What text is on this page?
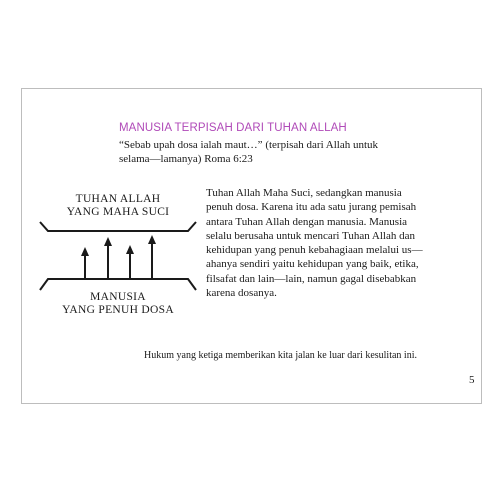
MANUSIA TERPISAH DARI TUHAN ALLAH
“Sebab upah dosa ialah maut…” (terpisah dari Allah untuk
selama—lamanya) Roma 6:23
TUHAN ALLAH
YANG MAHA SUCI
MANUSIA
YANG PENUH DOSA
Tuhan Allah Maha Suci, sedangkan manusia
penuh dosa. Karena itu ada satu jurang pemisah
antara Tuhan Allah dengan manusia. Manusia
selalu berusaha untuk mencari Tuhan Allah dan
kehidupan yang penuh kebahagiaan melalui us—
ahanya sendiri yaitu kehidupan yang baik, etika,
filsafat dan lain—lain, namun gagal disebabkan
karena dosanya.
Hukum yang ketiga memberikan kita jalan ke luar dari kesulitan ini.
5
